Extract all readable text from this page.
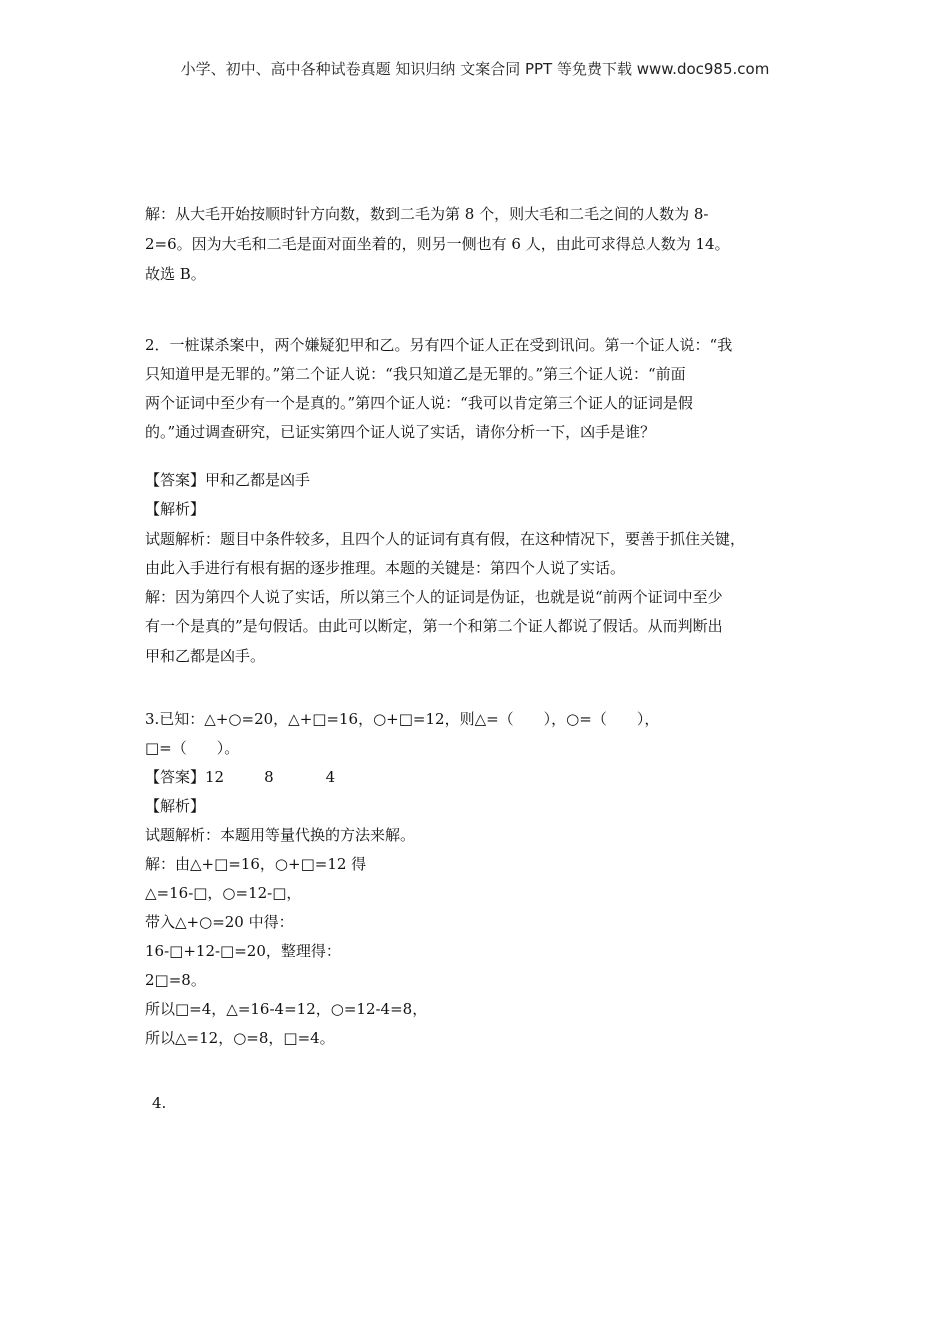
小学、初中、高中各种试卷真题 知识归纳 文案合同 PPT 等免费下载 www.doc985.com
解：从大毛开始按顺时针方向数，数到二毛为第 8 个，则大毛和二毛之间的人数为 8-
2=6。因为大毛和二毛是面对面坐着的，则另一侧也有 6 人，由此可求得总人数为 14。
故选 B。
2．一桩谋杀案中，两个嫌疑犯甲和乙。另有四个证人正在受到讯问。第一个证人说：“我
只知道甲是无罪的。”第二个证人说：“我只知道乙是无罪的。”第三个证人说：“前面
两个证词中至少有一个是真的。”第四个证人说：“我可以肯定第三个证人的证词是假
的。”通过调查研究，已证实第四个证人说了实话，请你分析一下，凶手是谁？
【答案】甲和乙都是凶手
【解析】
试题解析：题目中条件较多，且四个人的证词有真有假，在这种情况下，要善于抓住关键，
由此入手进行有根有据的逐步推理。本题的关键是：第四个人说了实话。
解：因为第四个人说了实话，所以第三个人的证词是伪证，也就是说“前两个证词中至少
有一个是真的”是句假话。由此可以断定，第一个和第二个证人都说了假话。从而判断出
甲和乙都是凶手。
3.已知：△+○=20，△+□=16，○+□=12，则△=（　　），○=（　　），
□=（　　）。
【答案】12	8	4
【解析】
试题解析：本题用等量代换的方法来解。
解：由△+□=16，○+□=12 得
△=16-□，○=12-□，
带入△+○=20 中得：
16-□+12-□=20，整理得：
2□=8。
所以□=4，△=16-4=12，○=12-4=8，
所以△=12，○=8，□=4。
4.
